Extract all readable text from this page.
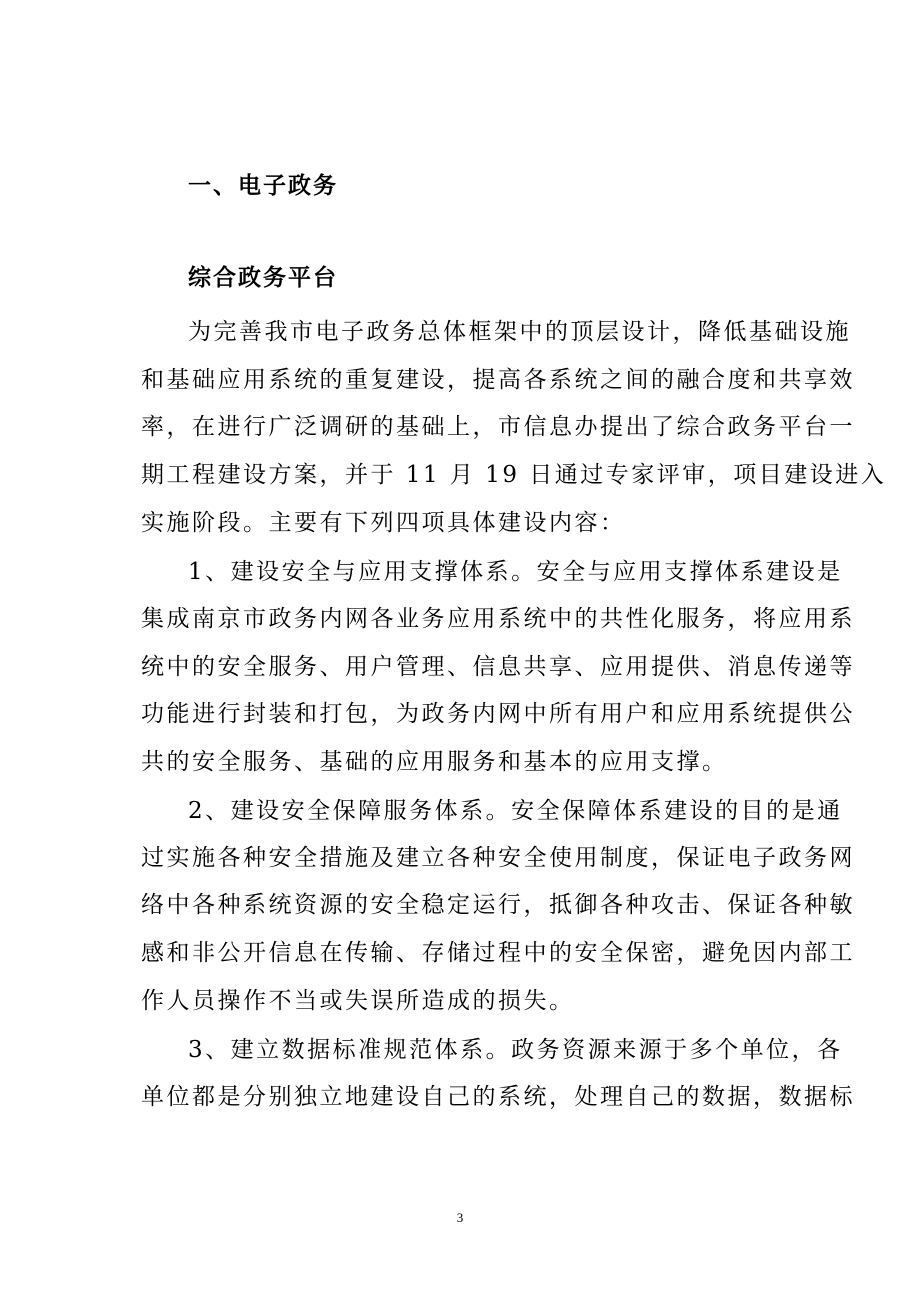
一、电子政务
综合政务平台
为完善我市电子政务总体框架中的顶层设计，降低基础设施
和基础应用系统的重复建设，提高各系统之间的融合度和共享效
率，在进行广泛调研的基础上，市信息办提出了综合政务平台一
期工程建设方案，并于 11 月 19 日通过专家评审，项目建设进入
实施阶段。主要有下列四项具体建设内容：
1、建设安全与应用支撑体系。安全与应用支撑体系建设是
集成南京市政务内网各业务应用系统中的共性化服务，将应用系
统中的安全服务、用户管理、信息共享、应用提供、消息传递等
功能进行封装和打包，为政务内网中所有用户和应用系统提供公
共的安全服务、基础的应用服务和基本的应用支撑。
2、建设安全保障服务体系。安全保障体系建设的目的是通
过实施各种安全措施及建立各种安全使用制度，保证电子政务网
络中各种系统资源的安全稳定运行，抵御各种攻击、保证各种敏
感和非公开信息在传输、存储过程中的安全保密，避免因内部工
作人员操作不当或失误所造成的损失。
3、建立数据标准规范体系。政务资源来源于多个单位，各
单位都是分别独立地建设自己的系统，处理自己的数据，数据标
3
